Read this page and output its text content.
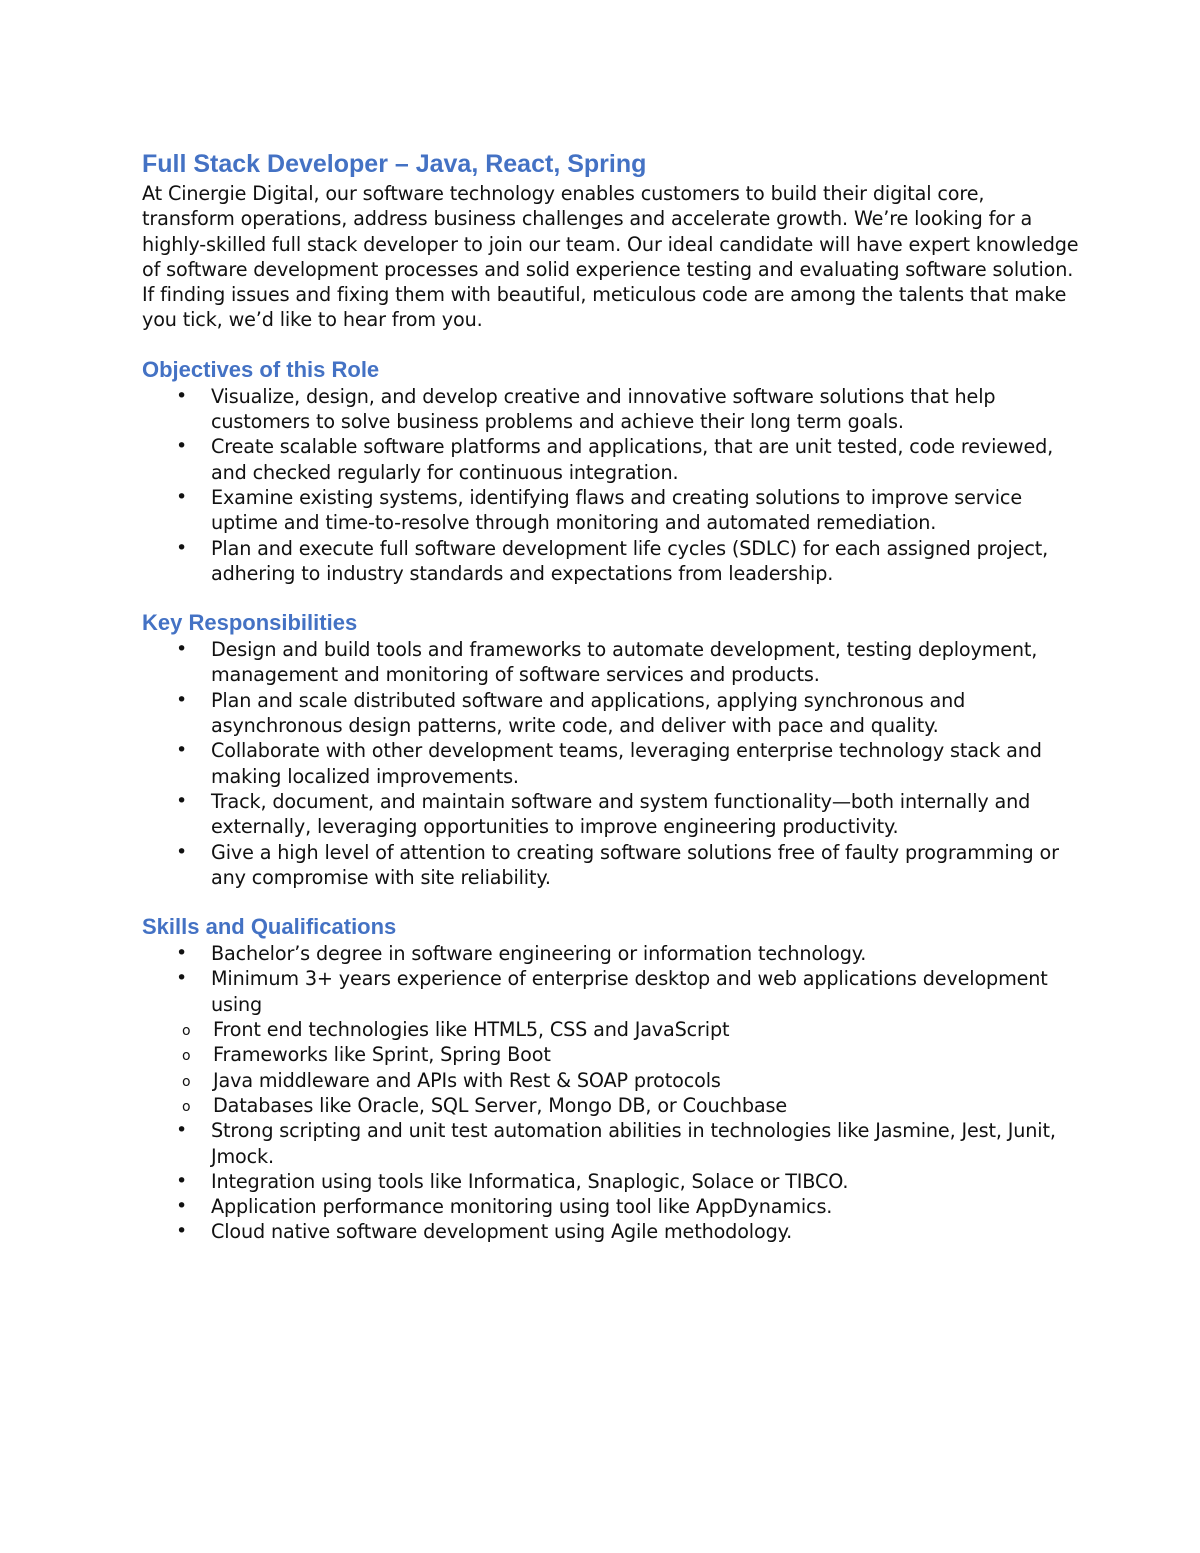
Full Stack Developer – Java, React, Spring

At Cinergie Digital, our software technology enables customers to build their digital core, transform operations, address business challenges and accelerate growth. We’re looking for a highly-skilled full stack developer to join our team. Our ideal candidate will have expert knowledge of software development processes and solid experience testing and evaluating software solution. If finding issues and fixing them with beautiful, meticulous code are among the talents that make you tick, we’d like to hear from you.

Objectives of this Role
• Visualize, design, and develop creative and innovative software solutions that help customers to solve business problems and achieve their long term goals.
• Create scalable software platforms and applications, that are unit tested, code reviewed, and checked regularly for continuous integration.
• Examine existing systems, identifying flaws and creating solutions to improve service uptime and time-to-resolve through monitoring and automated remediation.
• Plan and execute full software development life cycles (SDLC) for each assigned project, adhering to industry standards and expectations from leadership.
Key Responsibilities
• Design and build tools and frameworks to automate development, testing deployment, management and monitoring of software services and products.
• Plan and scale distributed software and applications, applying synchronous and asynchronous design patterns, write code, and deliver with pace and quality.
• Collaborate with other development teams, leveraging enterprise technology stack and making localized improvements.
• Track, document, and maintain software and system functionality—both internally and externally, leveraging opportunities to improve engineering productivity.
• Give a high level of attention to creating software solutions free of faulty programming or any compromise with site reliability.
Skills and Qualifications
• Bachelor’s degree in software engineering or information technology.
• Minimum 3+ years experience of enterprise desktop and web applications development using
o Front end technologies like HTML5, CSS and JavaScript
o Frameworks like Sprint, Spring Boot
o Java middleware and APIs with Rest & SOAP protocols
o Databases like Oracle, SQL Server, Mongo DB, or Couchbase
• Strong scripting and unit test automation abilities in technologies like Jasmine, Jest, Junit, Jmock.
• Integration using tools like Informatica, Snaplogic, Solace or TIBCO.
• Application performance monitoring using tool like AppDynamics.
• Cloud native software development using Agile methodology.
